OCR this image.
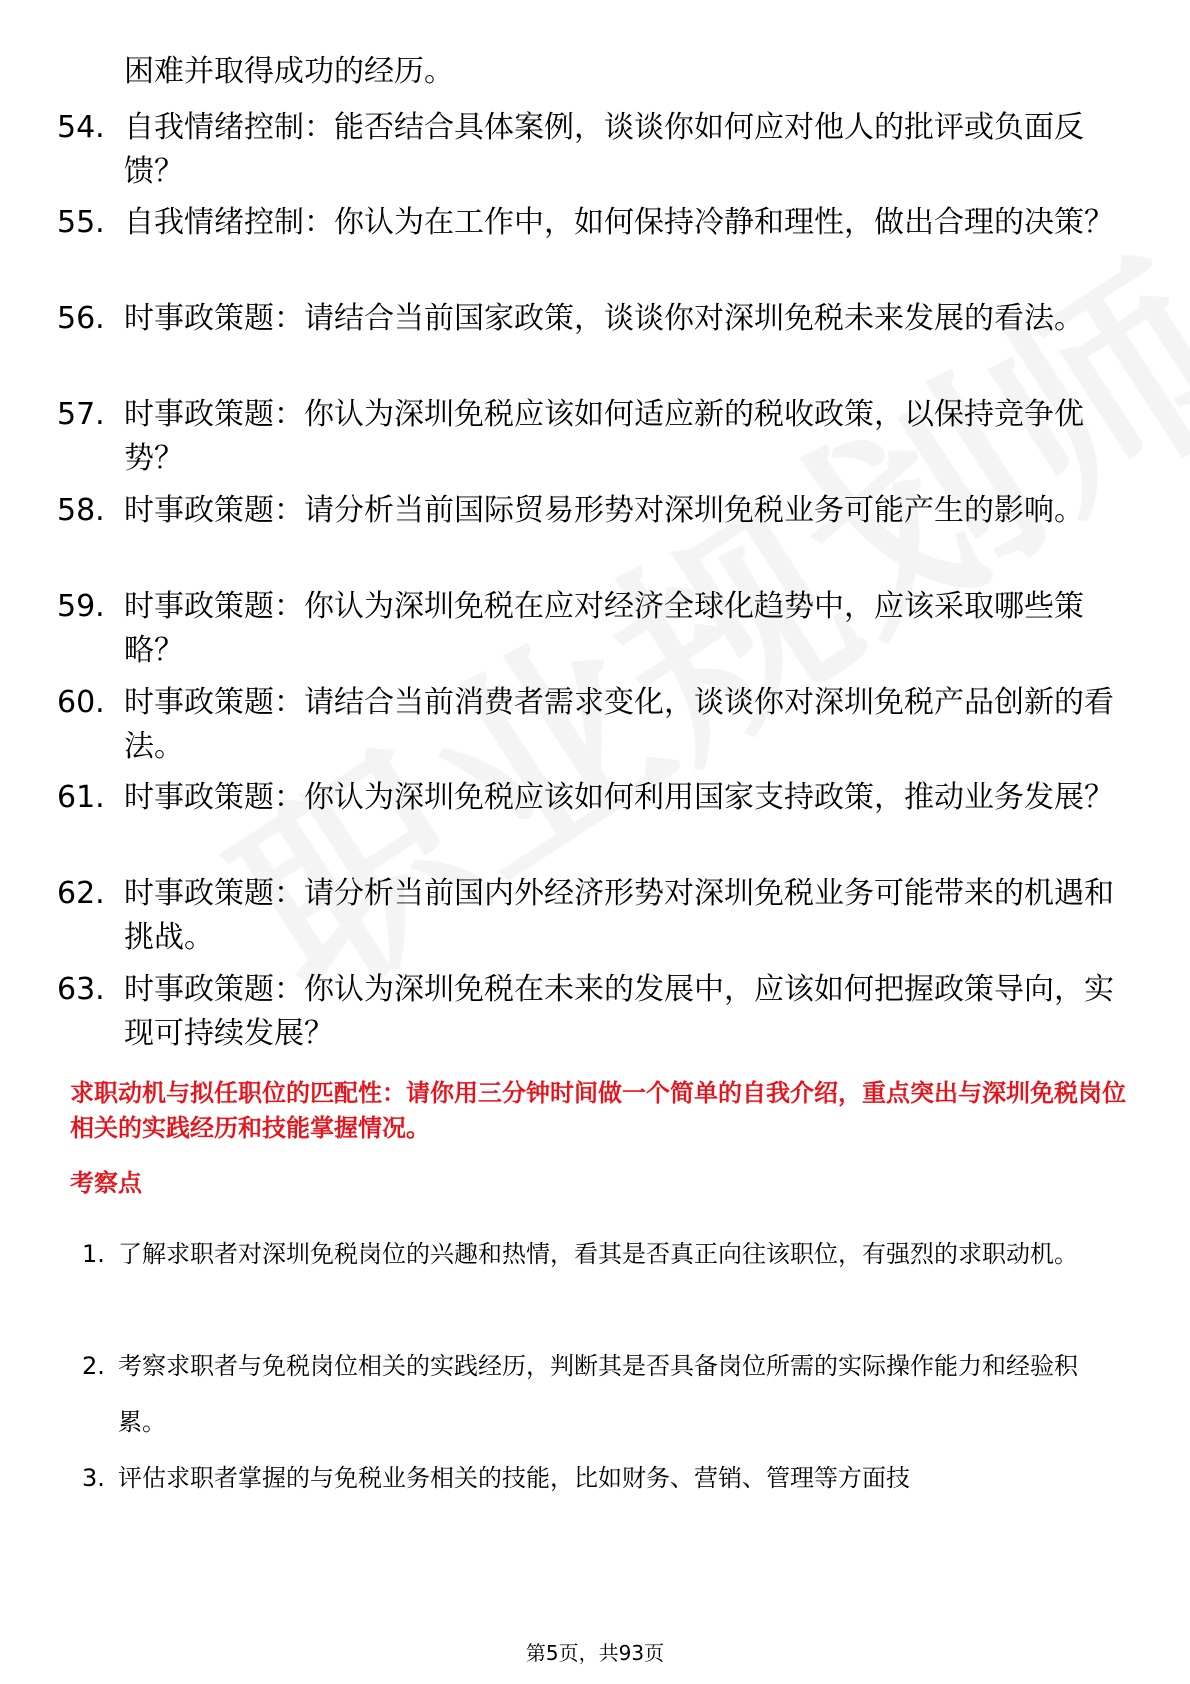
困难并取得成功的经历。
54. 自我情绪控制：能否结合具体案例，谈谈你如何应对他人的批评或负面反馈？
55. 自我情绪控制：你认为在工作中，如何保持冷静和理性，做出合理的决策？
56. 时事政策题：请结合当前国家政策，谈谈你对深圳免税未来发展的看法。
57. 时事政策题：你认为深圳免税应该如何适应新的税收政策，以保持竞争优势？
58. 时事政策题：请分析当前国际贸易形势对深圳免税业务可能产生的影响。
59. 时事政策题：你认为深圳免税在应对经济全球化趋势中，应该采取哪些策略？
60. 时事政策题：请结合当前消费者需求变化，谈谈你对深圳免税产品创新的看法。
61. 时事政策题：你认为深圳免税应该如何利用国家支持政策，推动业务发展？
62. 时事政策题：请分析当前国内外经济形势对深圳免税业务可能带来的机遇和挑战。
63. 时事政策题：你认为深圳免税在未来的发展中，应该如何把握政策导向，实现可持续发展？
求职动机与拟任职位的匹配性：请你用三分钟时间做一个简单的自我介绍，重点突出与深圳免税岗位相关的实践经历和技能掌握情况。
考察点
1. 了解求职者对深圳免税岗位的兴趣和热情，看其是否真正向往该职位，有强烈的求职动机。
2. 考察求职者与免税岗位相关的实践经历，判断其是否具备岗位所需的实际操作能力和经验积累。
3. 评估求职者掌握的与免税业务相关的技能，比如财务、营销、管理等方面技
第5页，共93页
